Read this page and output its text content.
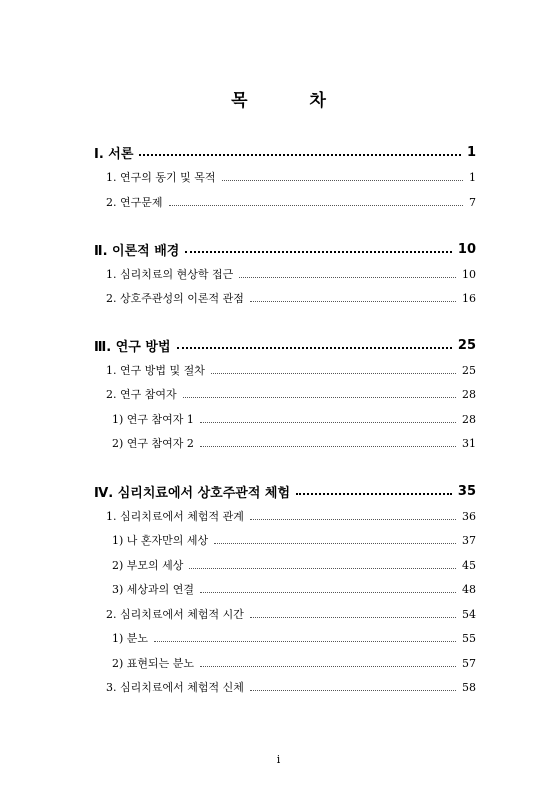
목 차
Ⅰ. 서론	1
1. 연구의 동기 및 목적	1
2. 연구문제	7
Ⅱ. 이론적 배경	10
1. 심리치료의 현상학 접근	10
2. 상호주관성의 이론적 관점	16
Ⅲ. 연구 방법	25
1. 연구 방법 및 절차	25
2. 연구 참여자	28
1) 연구 참여자 1	28
2) 연구 참여자 2	31
Ⅳ. 심리치료에서 상호주관적 체험	35
1. 심리치료에서 체험적 관계	36
1) 나 혼자만의 세상	37
2) 부모의 세상	45
3) 세상과의 연결	48
2. 심리치료에서 체험적 시간	54
1) 분노	55
2) 표현되는 분노	57
3. 심리치료에서 체험적 신체	58
i
